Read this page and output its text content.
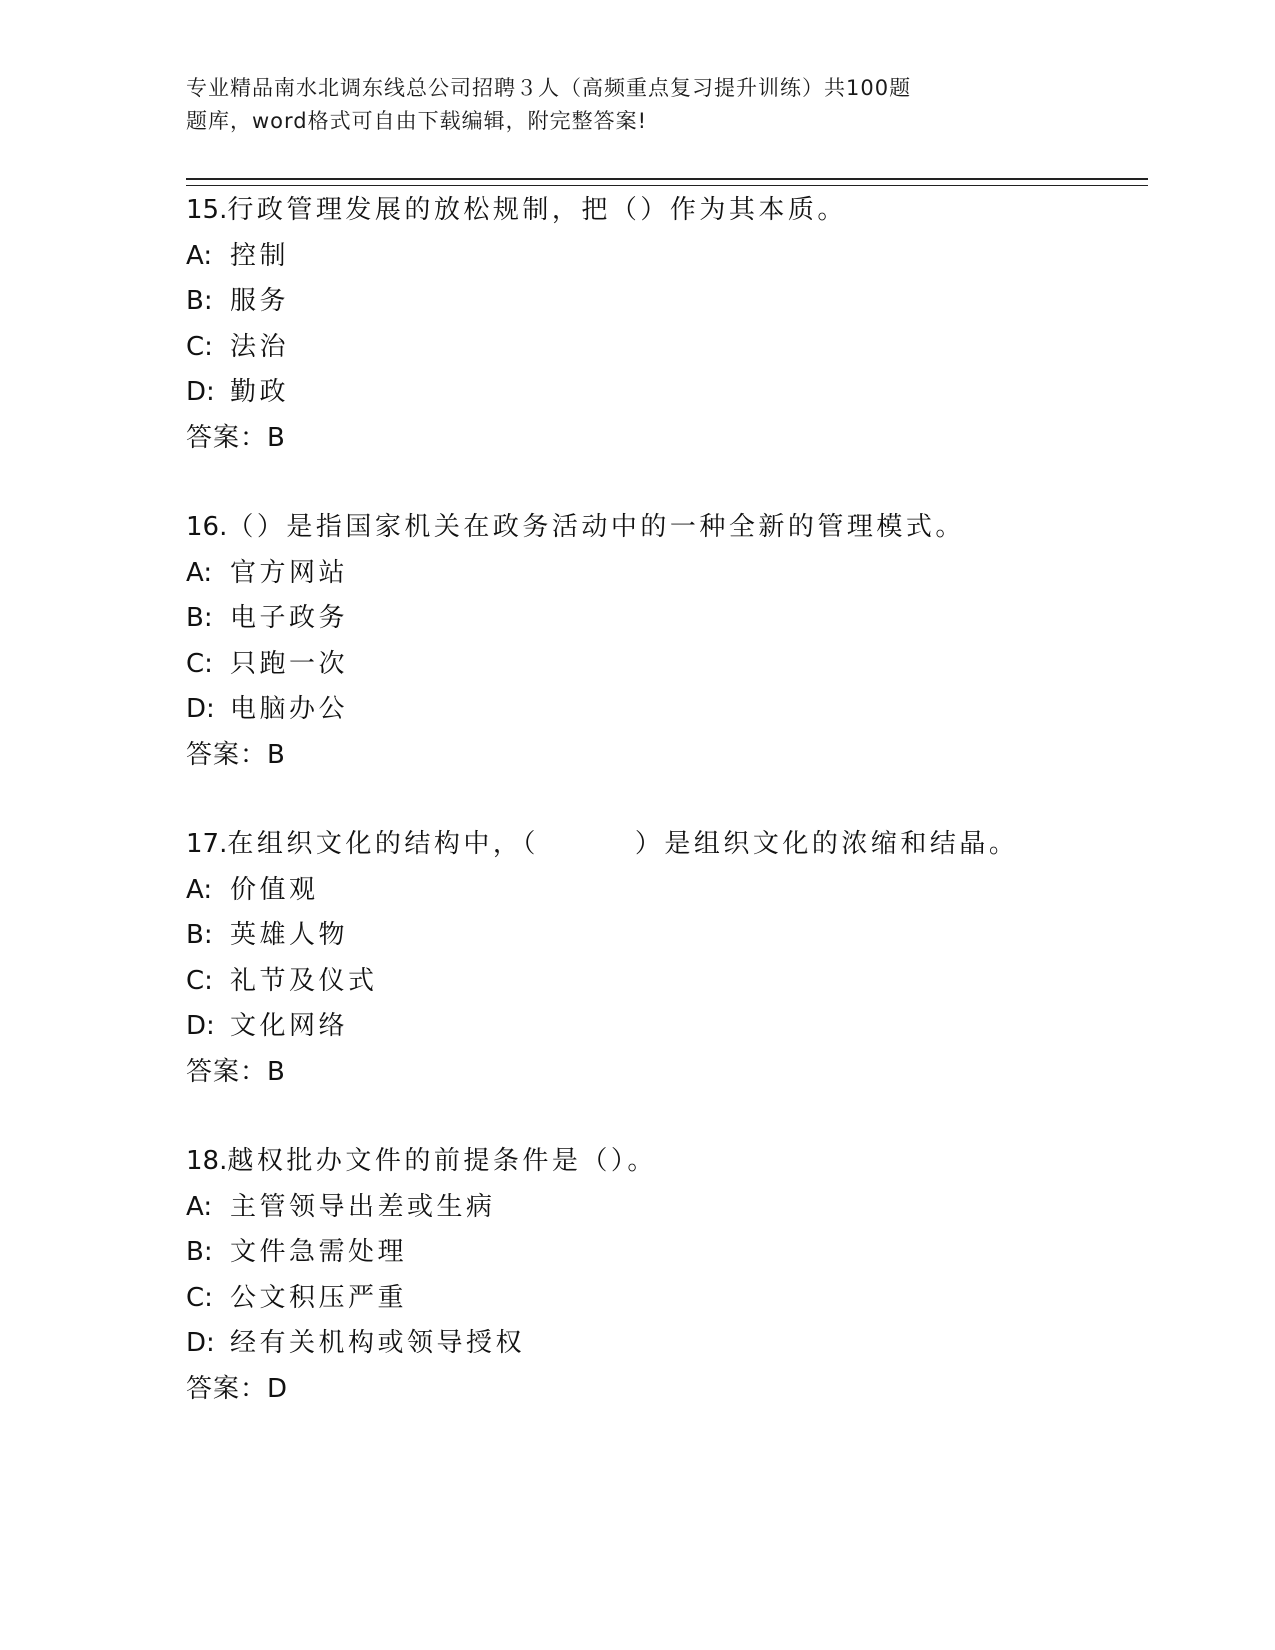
专业精品南水北调东线总公司招聘３人（高频重点复习提升训练）共100题
题库，word格式可自由下载编辑，附完整答案!
15.行政管理发展的放松规制，把（）作为其本质。
A: 控制
B: 服务
C: 法治
D: 勤政
答案：B
16.（）是指国家机关在政务活动中的一种全新的管理模式。
A: 官方网站
B: 电子政务
C: 只跑一次
D: 电脑办公
答案：B
17.在组织文化的结构中，（	）是组织文化的浓缩和结晶。
A: 价值观
B: 英雄人物
C: 礼节及仪式
D: 文化网络
答案：B
18.越权批办文件的前提条件是（）。
A: 主管领导出差或生病
B: 文件急需处理
C: 公文积压严重
D: 经有关机构或领导授权
答案：D
